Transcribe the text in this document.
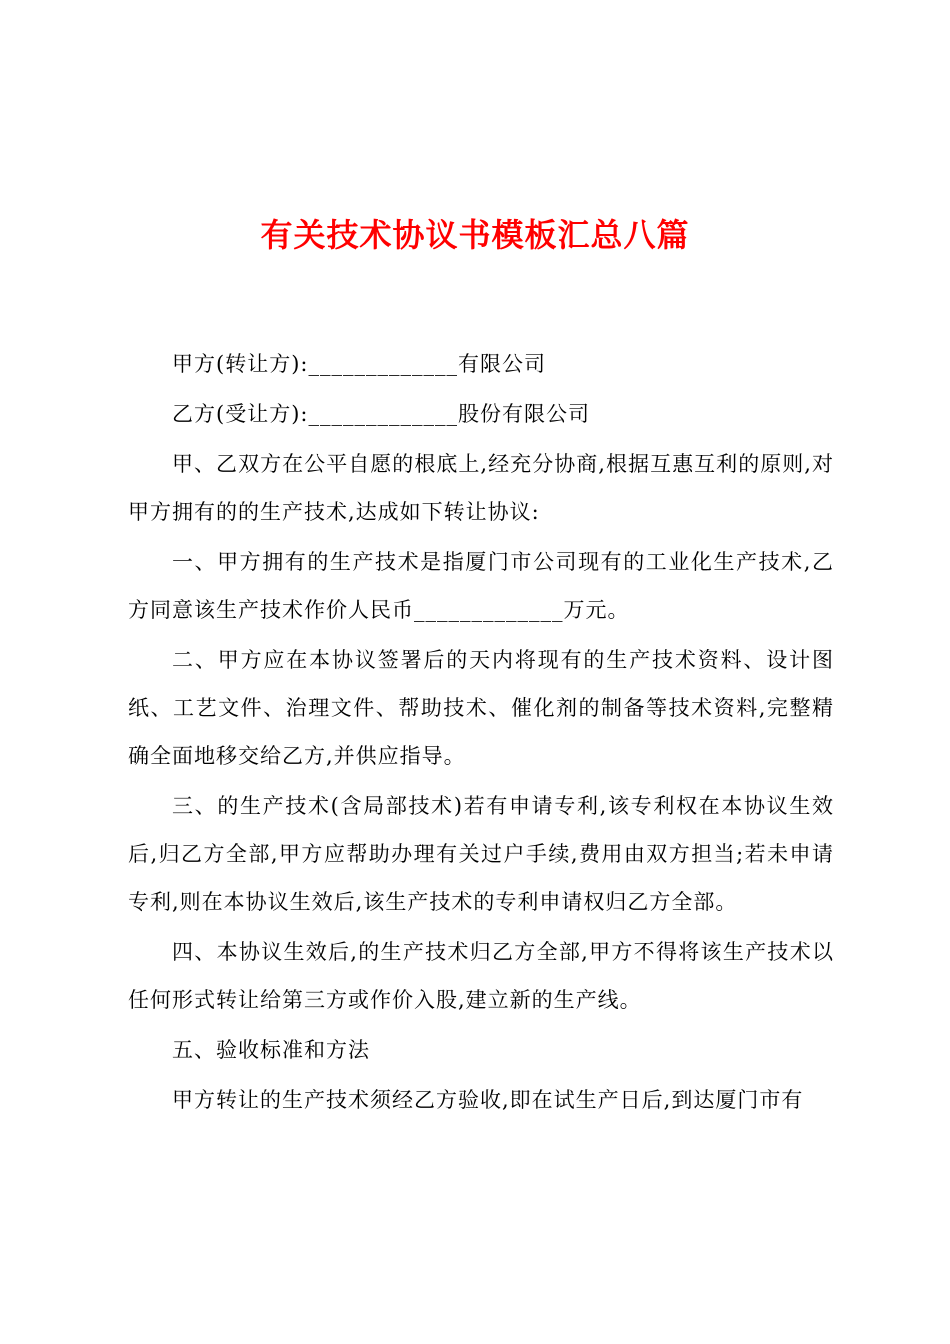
有关技术协议书模板汇总八篇

甲方(转让方):_____________有限公司

乙方(受让方):_____________股份有限公司

甲、乙双方在公平自愿的根底上,经充分协商,根据互惠互利的原则,对甲方拥有的的生产技术,达成如下转让协议:

一、甲方拥有的生产技术是指厦门市公司现有的工业化生产技术,乙方同意该生产技术作价人民币_____________万元。

二、甲方应在本协议签署后的天内将现有的生产技术资料、设计图纸、工艺文件、治理文件、帮助技术、催化剂的制备等技术资料,完整精确全面地移交给乙方,并供应指导。

三、的生产技术(含局部技术)若有申请专利,该专利权在本协议生效后,归乙方全部,甲方应帮助办理有关过户手续,费用由双方担当;若未申请专利,则在本协议生效后,该生产技术的专利申请权归乙方全部。

四、本协议生效后,的生产技术归乙方全部,甲方不得将该生产技术以任何形式转让给第三方或作价入股,建立新的生产线。

五、验收标准和方法

甲方转让的生产技术须经乙方验收,即在试生产日后,到达厦门市有
